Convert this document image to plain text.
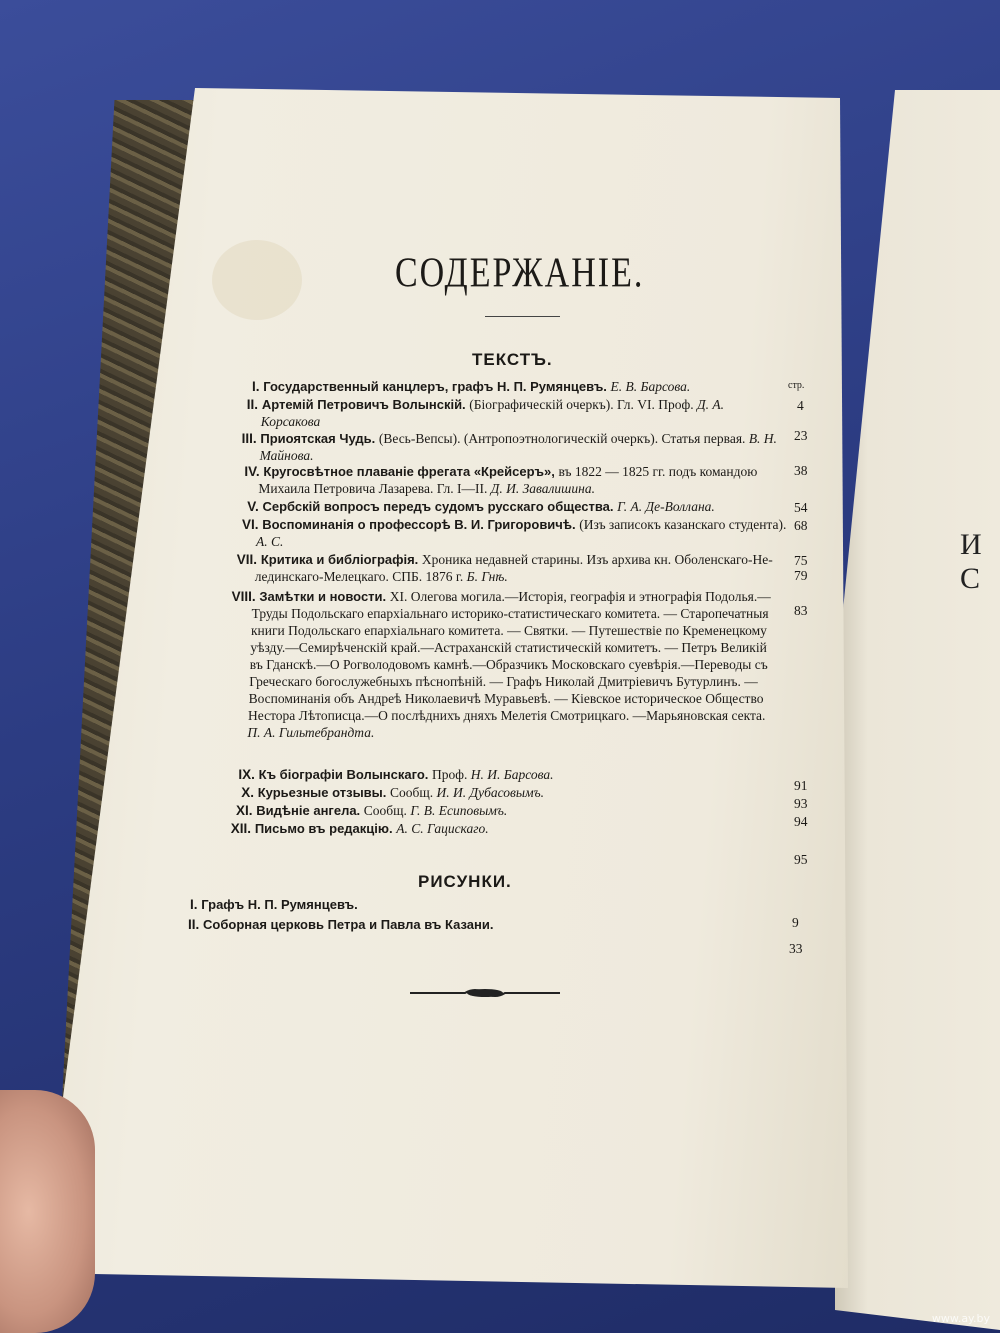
И С
СОДЕРЖАНІЕ.
ТЕКСТЪ.
стр.
I. Государственный канцлеръ, графъ Н. П. Румянцевъ. Е. В. Барсова.
4
II. Артемій Петровичъ Волынскій. (Біографическій очеркъ). Гл. VI. Проф. Д. А.
Корсакова
23
III. Приоятская Чудь. (Весь-Вепсы). (Антропоэтнологическій очеркъ). Статья первая. В. Н.
Майнова.
38
IV. Кругосвѣтное плаваніе фрегата «Крейсеръ», въ 1822 — 1825 гг. подъ командою
Михаила Петровича Лазарева. Гл. I—II. Д. И. Завалишина.
54
V. Сербскій вопросъ передъ судомъ русскаго общества. Г. А. Де-Воллана.
68
VI. Воспоминанія о профессорѣ В. И. Григоровичѣ. (Изъ записокъ казанскаго студента).
А. С.
75
VII. Критика и библіографія. Хроника недавней старины. Изъ архива кн. Оболенскаго-Не-
лединскаго-Мелецкаго. СПБ. 1876 г. Б. Гнѣ.	79
VIII. Замѣтки и новости. XI. Олегова могила.—Исторія, географія и этнографія Подолья.—
Труды Подольскаго епархіальнаго историко-статистическаго комитета. — Старопечатныя
книги Подольскаго епархіальнаго комитета. — Святки. — Путешествіе по Кременецкому
уѣзду.—Семирѣченскій край.—Астраханскій статистическій комитетъ. — Петръ Великій
въ Гданскѣ.—О Рогволодовомъ камнѣ.—Образчикъ Московскаго суевѣрія.—Переводы съ
Греческаго богослужебныхъ пѣснопѣній. — Графъ Николай Дмитріевичъ Бутурлинъ. —
Воспоминанія объ Андреѣ Николаевичѣ Муравьевѣ. — Кіевское историческое Общество
Нестора Лѣтописца.—О послѣднихъ дняхъ Мелетія Смотрицкаго. —Марьяновская секта.
П. А. Гильтебрандта.
83
IX. Къ біографіи Волынскаго. Проф. Н. И. Барсова.
91
X. Курьезные отзывы. Сообщ. И. И. Дубасовымъ.
93
XI. Видѣніе ангела. Сообщ. Г. В. Есиповымъ.
94
XII. Письмо въ редакцію. А. С. Гацискаго.
95
РИСУНКИ.
I. Графъ Н. П. Румянцевъ.
9
II. Соборная церковь Петра и Павла въ Казани.
33
www.ay.by
